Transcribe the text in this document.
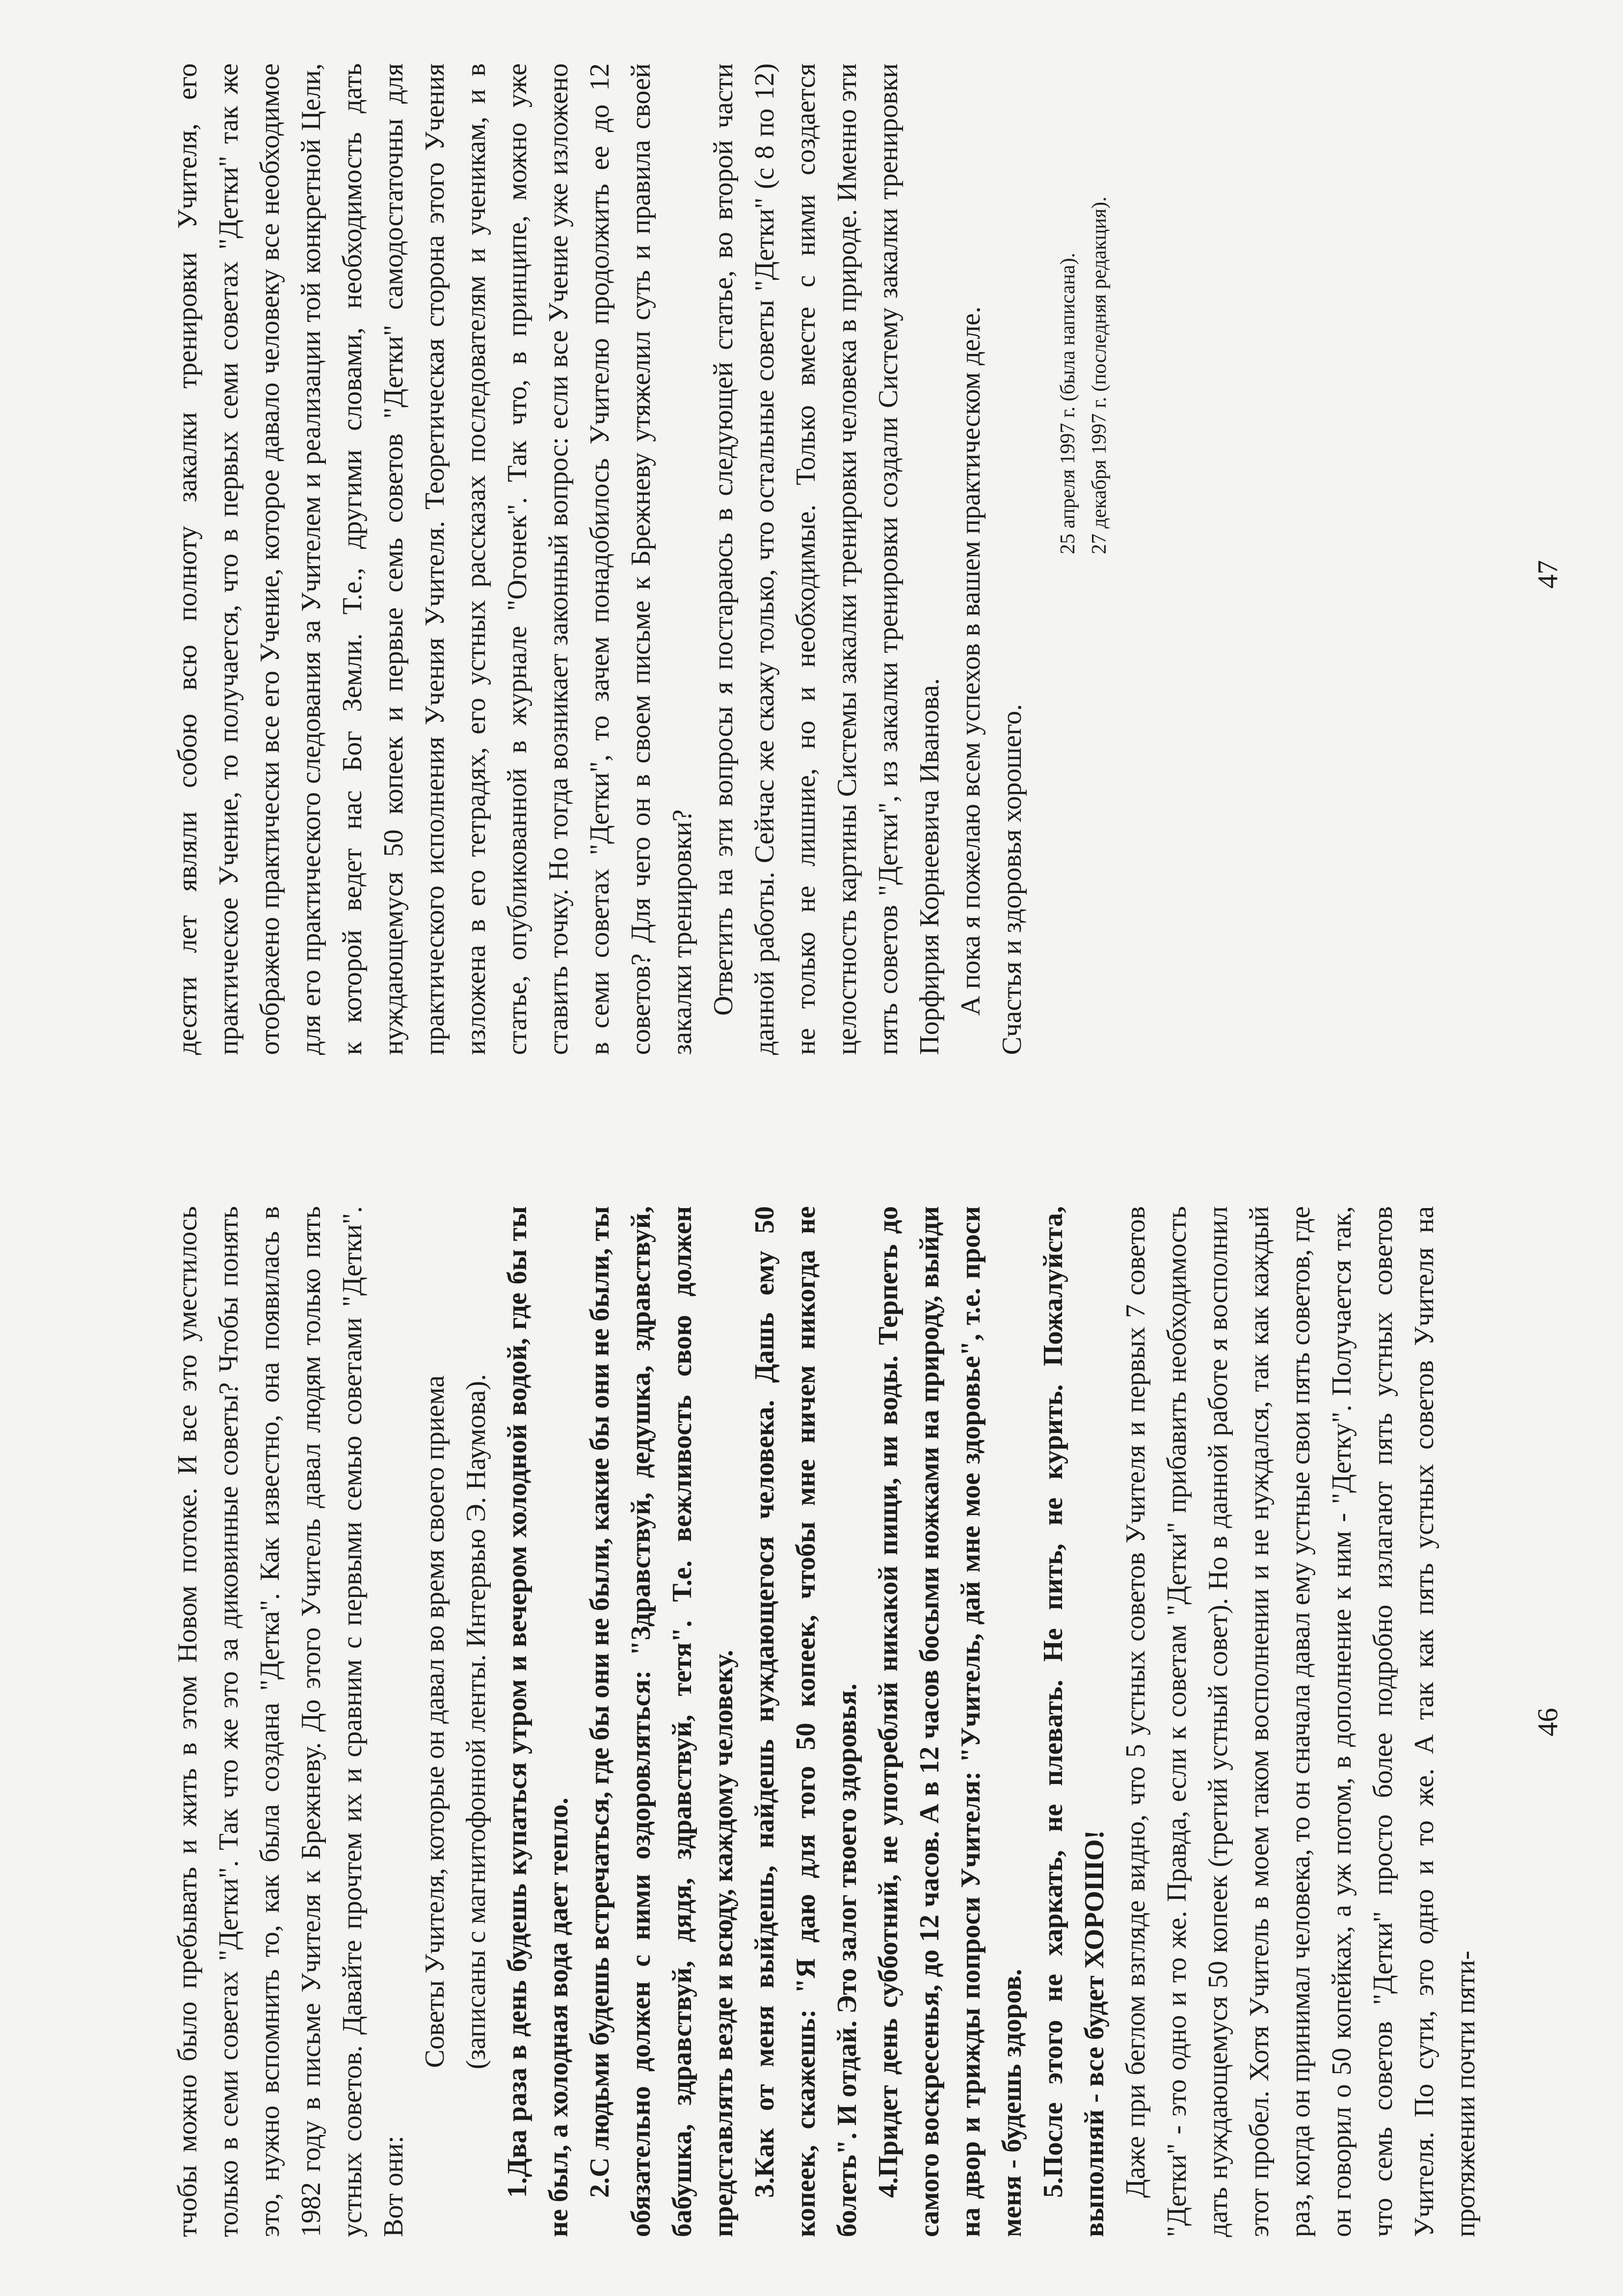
тчобы можно было пребывать и жить в этом Новом потоке. И все это уместилось только в семи советах "Детки". Так что же это за диковинные советы? Чтобы понять это, нужно вспомнить то, как была создана "Детка". Как известно, она появилась в 1982 году в письме Учителя к Брежневу. До этого Учитель давал людям только пять устных советов. Давайте прочтем их и сравним с первыми семью советами "Детки". Вот они:

Советы Учителя, которые он давал во время своего приема (записаны с магнитофонной ленты. Интервью Э. Наумова). 1.Два раза в день будешь купаться утром и вечером холодной водой, где бы ты не был, а холодная вода дает тепло. 2.С людьми будешь встречаться, где бы они не были, какие бы они не были, ты обязательно должен с ними оздоровляться: "Здравствуй, дедушка, здравствуй, бабушка, здравствуй, дядя, здравствуй, тетя". Т.е. вежливость свою должен представлять везде и всюду, каждому человеку. 3.Как от меня выйдешь, найдешь нуждающегося человека. Дашь ему 50 копеек, скажешь: "Я даю для того 50 копеек, чтобы мне ничем никогда не болеть". И отдай. Это залог твоего здоровья. 4.Придет день субботний, не употребляй никакой пищи, ни воды. Терпеть до самого воскресенья, до 12 часов. А в 12 часов босыми ножками на природу, выйди на двор и трижды попроси Учителя: "Учитель, дай мне мое здоровье", т.е. проси меня - будешь здоров. 5.После этого не харкать, не плевать. Не пить, не курить. Пожалуйста, выполняй - все будет ХОРОШО! Даже при беглом взгляде видно, что 5 устных советов Учителя и первых 7 советов "Детки" - это одно и то же. Правда, если к советам "Детки" прибавить необходимость дать нуждающемуся 50 копеек (третий устный совет). Но в данной работе я восполнил этот пробел. Хотя Учитель в моем таком восполнении и не нуждался, так как каждый раз, когда он принимал человека, то он сначала давал ему устные свои пять советов, где он говорил о 50 копейках, а уж потом, в дополнение к ним - "Детку". Получается так, что семь советов "Детки" просто более подробно излагают пять устных советов Учителя. По сути, это одно и то же. А так как пять устных советов Учителя на протяжении почти пяти-

46

десяти лет являли собою всю полноту закалки тренировки Учителя, его практическое Учение, то получается, что в первых семи советах "Детки" так же отображено практически все его Учение, которое давало человеку все необходимое для его практического следования за Учителем и реализации той конкретной Цели, к которой ведет нас Бог Земли. Т.е., другими словами, необходимость дать нуждающемуся 50 копеек и первые семь советов "Детки" самодостаточны для практического исполнения Учения Учителя. Теоретическая сторона этого Учения изложена в его тетрадях, его устных рассказах последователям и ученикам, и в статье, опубликованной в журнале "Огонек". Так что, в принципе, можно уже ставить точку. Но тогда возникает законный вопрос: если все Учение уже изложено в семи советах "Детки", то зачем понадобилось Учителю продолжить ее до 12 советов? Для чего он в своем письме к Брежневу утяжелил суть и правила своей закалки тренировки? Ответить на эти вопросы я постараюсь в следующей статье, во второй части данной работы. Сейчас же скажу только, что остальные советы "Детки" (с 8 по 12) не только не лишние, но и необходимые. Только вместе с ними создается целостность картины Системы закалки тренировки человека в природе. Именно эти пять советов "Детки", из закалки тренировки создали Систему закалки тренировки Порфирия Корнеевича Иванова. А пока я пожелаю всем успехов в вашем практическом деле. Счастья и здоровья хорошего.

25 апреля 1997 г. (была написана). 27 декабря 1997 г. (последняя редакция).
47
